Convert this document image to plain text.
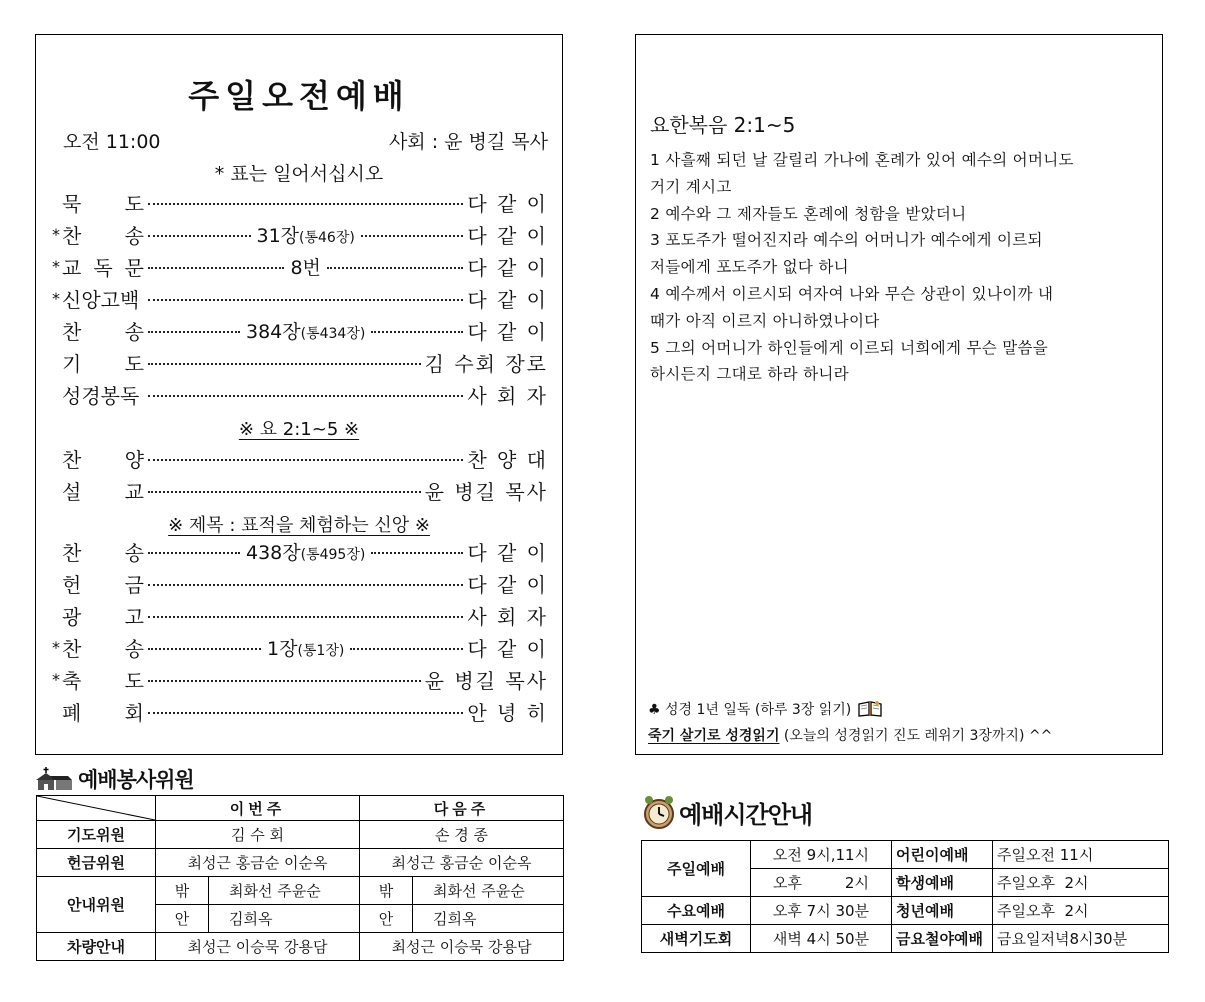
주일오전예배
오전 11:00	사회 : 윤 병길 목사
* 표는 일어서십시오
묵 도	다 같 이
* 찬 송	31장(통46장)	다 같 이
* 교 독 문	8번	다 같 이
* 신앙고백	다 같 이
찬 송	384장(통434장)	다 같 이
기 도	김 수회 장로
성경봉독	사 회 자
찬 양	찬 양 대
설 교	윤 병길 목사
찬 송	438장(통495장)	다 같 이
헌 금	다 같 이
광 고	사 회 자
* 찬 송	1장(통1장)	다 같 이
* 축 도	윤 병길 목사
폐 회	안 녕 히
※ 요 2:1~5 ※
※ 제목 : 표적을 체험하는 신앙 ※
요한복음 2:1~5

1 사흘째 되던 날 갈릴리 가나에 혼례가 있어 예수의 어머니도

거기 계시고

2 예수와 그 제자들도 혼례에 청함을 받았더니

3 포도주가 떨어진지라 예수의 어머니가 예수에게 이르되

저들에게 포도주가 없다 하니

4 예수께서 이르시되 여자여 나와 무슨 상관이 있나이까 내

때가 아직 이르지 아니하였나이다

5 그의 어머니가 하인들에게 이르되 너희에게 무슨 말씀을

하시든지 그대로 하라 하니라

♣ 성경 1년 일독 (하루 3장 읽기)
죽기 살기로 성경읽기 (오늘의 성경읽기 진도 레위기 3장까지) ^^
예배봉사위원
	이번주		다음주	
기도위원	김 수 회		손 경 종	
헌금위원	최성근 홍금순 이순옥		최성근 홍금순 이순옥	
안내위원	밖	최화선 주윤순	밖	최화선 주윤순
	안	김희옥	안	김희옥
차량안내	최성근 이승묵 강용담		최성근 이승묵 강용담	
예배시간안내
주일예배	오전 9시,11시	어린이예배	주일오전 11시
	오후         2시	학생예배	주일오후  2시
수요예배	오후 7시 30분	청년예배	주일오후  2시
새벽기도회	새벽 4시 50분	금요철야예배	금요일저녁8시30분
